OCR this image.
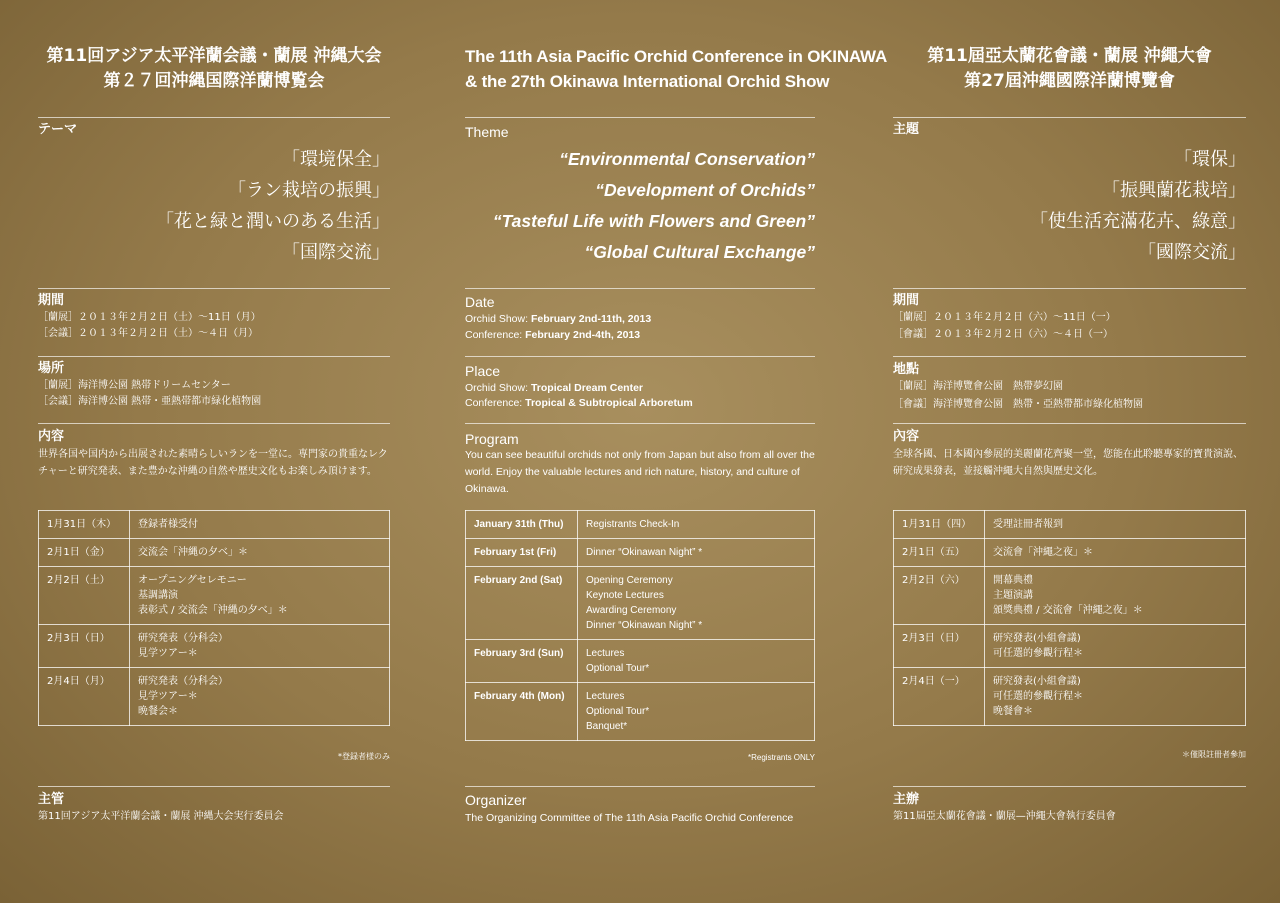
第11回アジア太平洋蘭会議・蘭展 沖縄大会
第２７回沖縄国際洋蘭博覧会
テーマ
「環境保全」
「ラン栽培の振興」
「花と緑と潤いのある生活」
「国際交流」
期間
［蘭展］２０１３年２月２日（土）〜11日（月）
［会議］２０１３年２月２日（土）〜４日（月）
場所
［蘭展］海洋博公園 熱帯ドリームセンター
［会議］海洋博公園 熱帯・亜熱帯都市緑化植物園
内容
世界各国や国内から出展された素晴らしいランを一堂に。専門家の貴重なレクチャーと研究発表、また豊かな沖縄の自然や歴史文化もお楽しみ頂けます。
1月31日（木）	登録者様受付

2月1日（金）	交流会「沖縄の夕べ」＊

2月2日（土）	オープニングセレモニー
基調講演
表彰式 / 交流会「沖縄の夕べ」＊

2月3日（日）	研究発表（分科会）
見学ツアー＊

2月4日（月）	研究発表（分科会）
見学ツアー＊
晩餐会＊
*登録者様のみ
主管
第11回アジア太平洋蘭会議・蘭展 沖縄大会実行委員会
The 11th Asia Pacific Orchid Conference in OKINAWA
& the 27th Okinawa International Orchid Show
Theme
“Environmental Conservation”
“Development of Orchids”
“Tasteful Life with Flowers and Green”
“Global Cultural Exchange”
Date
Orchid Show: February 2nd-11th, 2013
Conference: February 2nd-4th, 2013
Place
Orchid Show: Tropical Dream Center
Conference: Tropical & Subtropical Arboretum
Program
You can see beautiful orchids not only from Japan but also from all over the world. Enjoy the valuable lectures and rich nature, history, and culture of Okinawa.
January 31th (Thu)	Registrants Check-In

February 1st (Fri)	Dinner “Okinawan Night” *

February 2nd (Sat)	Opening Ceremony
Keynote Lectures
Awarding Ceremony
Dinner “Okinawan Night” *

February 3rd (Sun)	Lectures
Optional Tour*

February 4th (Mon)	Lectures
Optional Tour*
Banquet*
*Registrants ONLY
Organizer
The Organizing Committee of The 11th Asia Pacific Orchid Conference
第11屆亞太蘭花會議・蘭展 沖繩大會
第27屆沖繩國際洋蘭博覽會
主題
「環保」
「振興蘭花栽培」
「使生活充滿花卉、綠意」
「國際交流」
期間
［蘭展］２０１３年２月２日（六）〜11日（一）
［會議］２０１３年２月２日（六）〜４日（一）
地點
［蘭展］海洋博覽會公園　熱帶夢幻園
［會議］海洋博覽會公園　熱帶・亞熱帶都市綠化植物園
內容
全球各國、日本國內參展的美麗蘭花齊聚一堂，您能在此聆聽專家的寶貴演說、研究成果發表，並接觸沖繩大自然與歷史文化。
1月31日（四）	受理註冊者報到

2月1日（五）	交流會「沖繩之夜」＊

2月2日（六）	開幕典禮
主題演講
頒獎典禮 / 交流會「沖繩之夜」＊

2月3日（日）	研究發表(小組會議)
可任選的參觀行程＊

2月4日（一）	研究發表(小組會議)
可任選的參觀行程＊
晚餐會＊
＊僅限註冊者參加
主辦
第11屆亞太蘭花會議・蘭展—沖繩大會執行委員會
